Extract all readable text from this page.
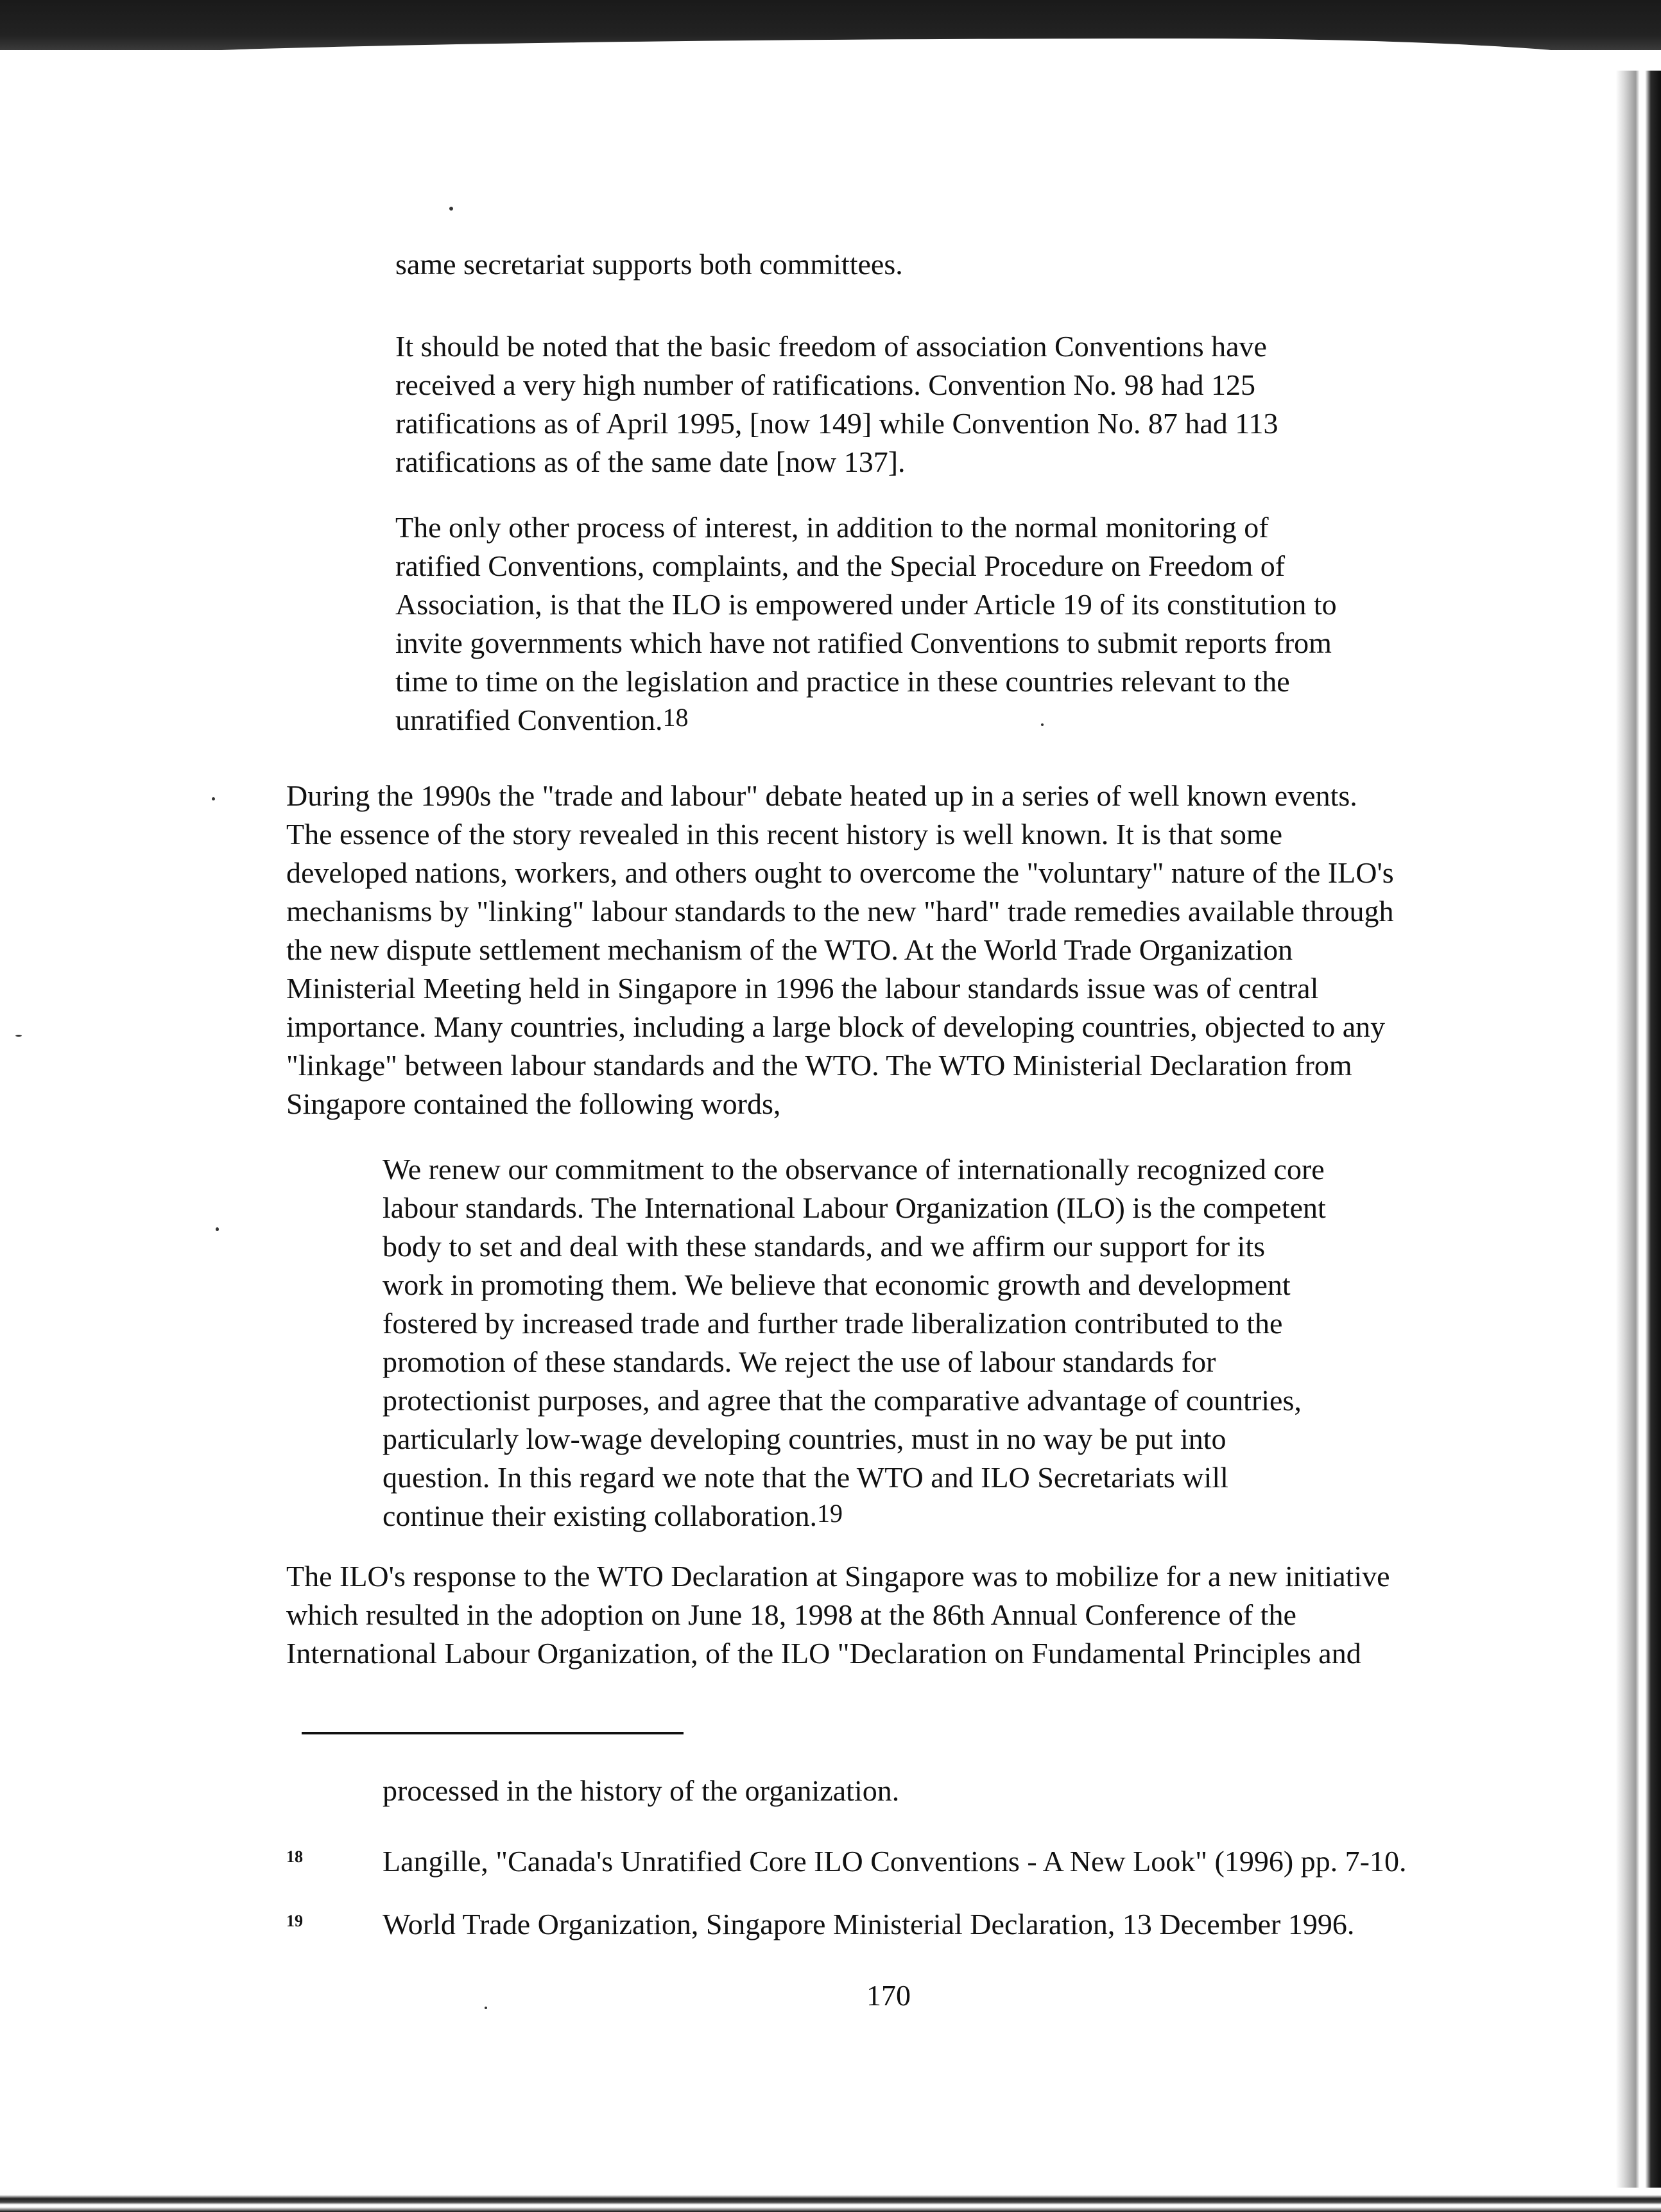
same secretariat supports both committees.
It should be noted that the basic freedom of association Conventions have
received a very high number of ratifications. Convention No. 98 had 125
ratifications as of April 1995, [now 149] while Convention No. 87 had 113
ratifications as of the same date [now 137].
The only other process of interest, in addition to the normal monitoring of
ratified Conventions, complaints, and the Special Procedure on Freedom of
Association, is that the ILO is empowered under Article 19 of its constitution to
invite governments which have not ratified Conventions to submit reports from
time to time on the legislation and practice in these countries relevant to the
unratified Convention.$^{18}$
During the 1990s the "trade and labour" debate heated up in a series of well known events.
The essence of the story revealed in this recent history is well known. It is that some
developed nations, workers, and others ought to overcome the "voluntary" nature of the ILO's
mechanisms by "linking" labour standards to the new "hard" trade remedies available through
the new dispute settlement mechanism of the WTO. At the World Trade Organization
Ministerial Meeting held in Singapore in 1996 the labour standards issue was of central
importance. Many countries, including a large block of developing countries, objected to any
"linkage" between labour standards and the WTO. The WTO Ministerial Declaration from
Singapore contained the following words,
We renew our commitment to the observance of internationally recognized core
labour standards. The International Labour Organization (ILO) is the competent
body to set and deal with these standards, and we affirm our support for its
work in promoting them. We believe that economic growth and development
fostered by increased trade and further trade liberalization contributed to the
promotion of these standards. We reject the use of labour standards for
protectionist purposes, and agree that the comparative advantage of countries,
particularly low-wage developing countries, must in no way be put into
question. In this regard we note that the WTO and ILO Secretariats will
continue their existing collaboration.$^{19}$
The ILO's response to the WTO Declaration at Singapore was to mobilize for a new initiative
which resulted in the adoption on June 18, 1998 at the 86th Annual Conference of the
International Labour Organization, of the ILO "Declaration on Fundamental Principles and
processed in the history of the organization.
18	Langille, "Canada's Unratified Core ILO Conventions - A New Look" (1996) pp. 7-10.
19	World Trade Organization, Singapore Ministerial Declaration, 13 December 1996.
170
